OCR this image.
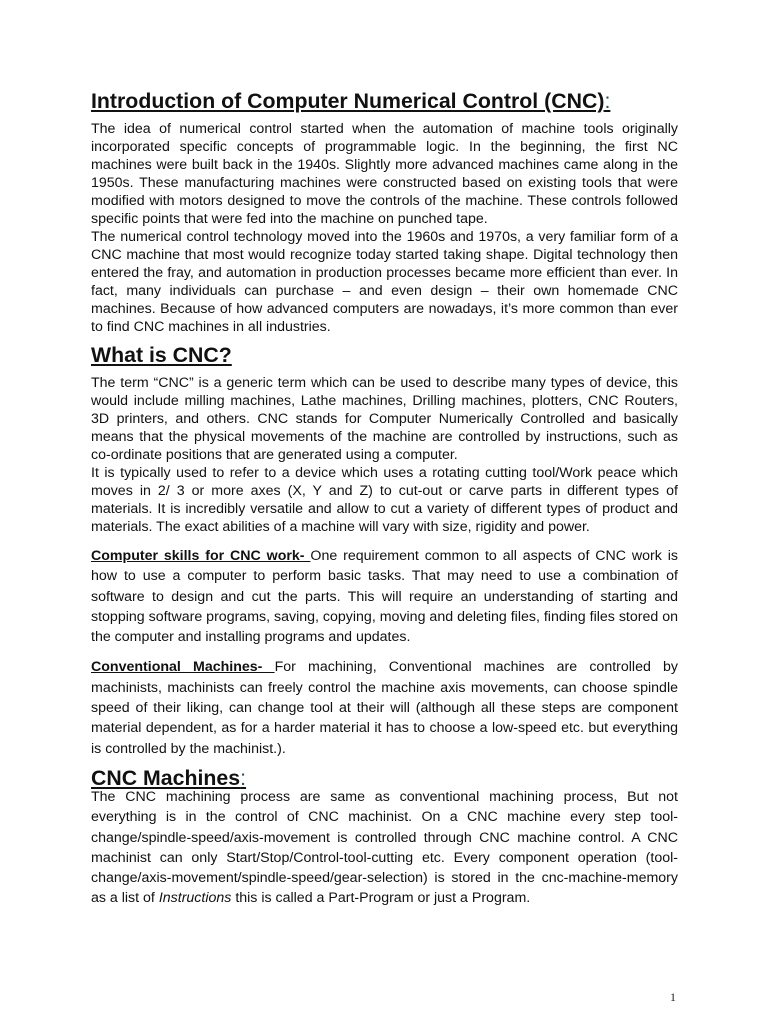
Introduction of Computer Numerical Control (CNC):

The idea of numerical control started when the automation of machine tools originally incorporated specific concepts of programmable logic. In the beginning, the first NC machines were built back in the 1940s. Slightly more advanced machines came along in the 1950s. These manufacturing machines were constructed based on existing tools that were modified with motors designed to move the controls of the machine. These controls followed specific points that were fed into the machine on punched tape.

The numerical control technology moved into the 1960s and 1970s, a very familiar form of a CNC machine that most would recognize today started taking shape. Digital technology then entered the fray, and automation in production processes became more efficient than ever. In fact, many individuals can purchase – and even design – their own homemade CNC machines. Because of how advanced computers are nowadays, it’s more common than ever to find CNC machines in all industries.

What is CNC?

The term “CNC” is a generic term which can be used to describe many types of device, this would include milling machines, Lathe machines, Drilling machines, plotters, CNC Routers, 3D printers, and others. CNC stands for Computer Numerically Controlled and basically means that the physical movements of the machine are controlled by instructions, such as co-ordinate positions that are generated using a computer.

It is typically used to refer to a device which uses a rotating cutting tool/Work peace which moves in 2/ 3 or more axes (X, Y and Z) to cut-out or carve parts in different types of materials. It is incredibly versatile and allow to cut a variety of different types of product and materials. The exact abilities of a machine will vary with size, rigidity and power.

Computer skills for CNC work- One requirement common to all aspects of CNC work is how to use a computer to perform basic tasks. That may need to use a combination of software to design and cut the parts. This will require an understanding of starting and stopping software programs, saving, copying, moving and deleting files, finding files stored on the computer and installing programs and updates.

Conventional Machines- For machining, Conventional machines are controlled by machinists, machinists can freely control the machine axis movements, can choose spindle speed of their liking, can change tool at their will (although all these steps are component material dependent, as for a harder material it has to choose a low-speed etc. but everything is controlled by the machinist.).

CNC Machines:

The CNC machining process are same as conventional machining process, But not everything is in the control of CNC machinist. On a CNC machine every step tool-change/spindle-speed/axis-movement is controlled through CNC machine control. A CNC machinist can only Start/Stop/Control-tool-cutting etc. Every component operation (tool-change/axis-movement/spindle-speed/gear-selection) is stored in the cnc-machine-memory as a list of Instructions this is called a Part-Program or just a Program.

1
